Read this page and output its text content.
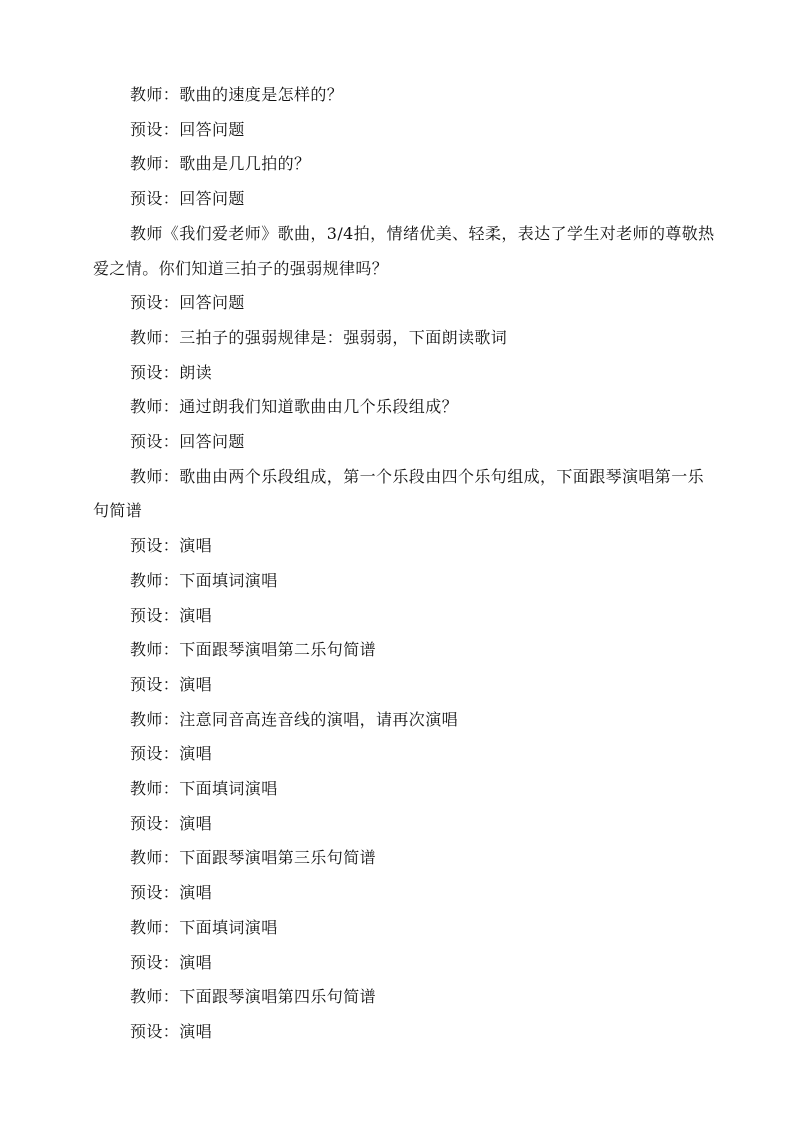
教师：歌曲的速度是怎样的？

预设：回答问题

教师：歌曲是几几拍的？

预设：回答问题

教师《我们爱老师》歌曲，3/4拍，情绪优美、轻柔，表达了学生对老师的尊敬热爱之情。你们知道三拍子的强弱规律吗？

预设：回答问题

教师：三拍子的强弱规律是：强弱弱，下面朗读歌词

预设：朗读

教师：通过朗我们知道歌曲由几个乐段组成？

预设：回答问题

教师：歌曲由两个乐段组成，第一个乐段由四个乐句组成，下面跟琴演唱第一乐句简谱

预设：演唱

教师：下面填词演唱

预设：演唱

教师：下面跟琴演唱第二乐句简谱

预设：演唱

教师：注意同音高连音线的演唱，请再次演唱

预设：演唱

教师：下面填词演唱

预设：演唱

教师：下面跟琴演唱第三乐句简谱

预设：演唱

教师：下面填词演唱

预设：演唱

教师：下面跟琴演唱第四乐句简谱

预设：演唱
